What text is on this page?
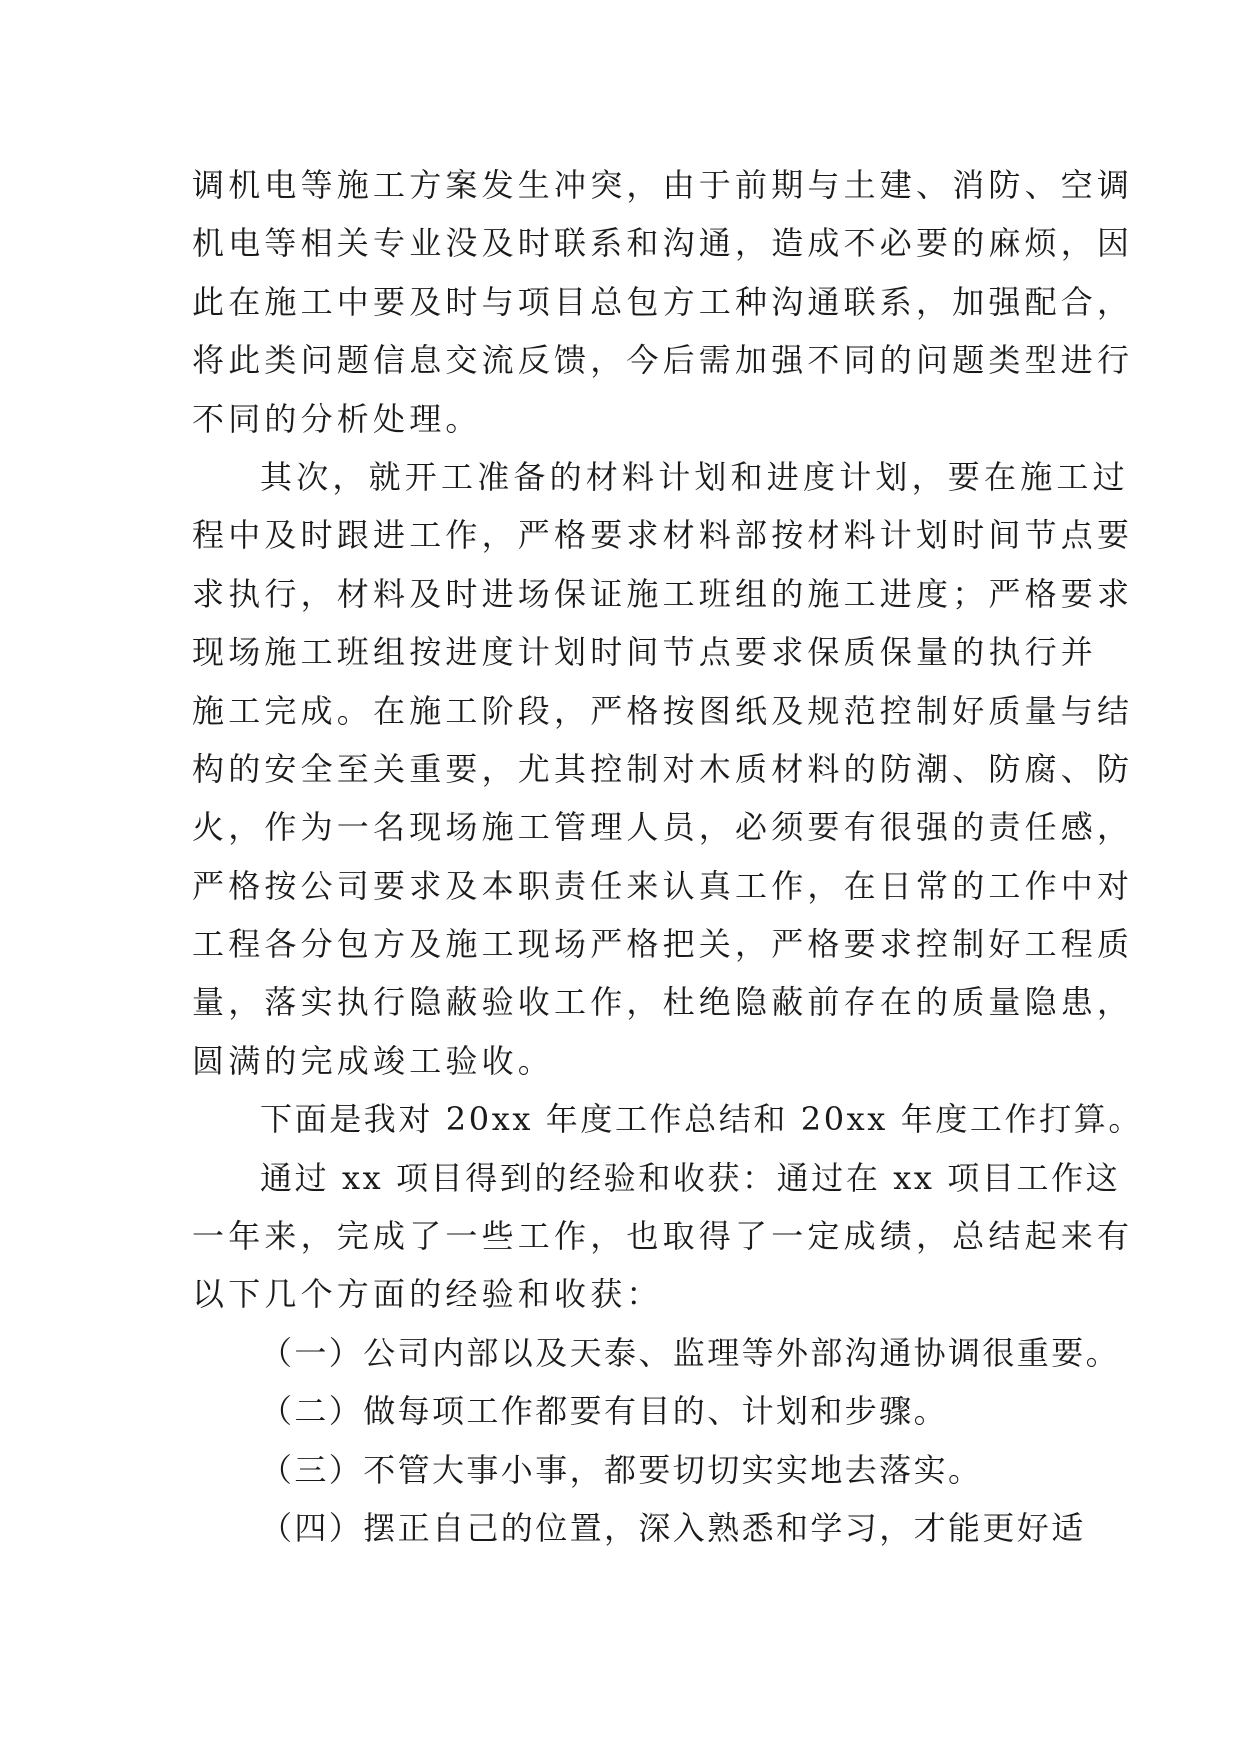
调机电等施工方案发生冲突，由于前期与土建、消防、空调
机电等相关专业没及时联系和沟通，造成不必要的麻烦，因
此在施工中要及时与项目总包方工种沟通联系，加强配合，
将此类问题信息交流反馈，今后需加强不同的问题类型进行
不同的分析处理。
其次，就开工准备的材料计划和进度计划，要在施工过
程中及时跟进工作，严格要求材料部按材料计划时间节点要
求执行，材料及时进场保证施工班组的施工进度；严格要求
现场施工班组按进度计划时间节点要求保质保量的执行并
施工完成。在施工阶段，严格按图纸及规范控制好质量与结
构的安全至关重要，尤其控制对木质材料的防潮、防腐、防
火，作为一名现场施工管理人员，必须要有很强的责任感，
严格按公司要求及本职责任来认真工作，在日常的工作中对
工程各分包方及施工现场严格把关，严格要求控制好工程质
量，落实执行隐蔽验收工作，杜绝隐蔽前存在的质量隐患，
圆满的完成竣工验收。
下面是我对 20xx 年度工作总结和 20xx 年度工作打算。
通过 xx 项目得到的经验和收获：通过在 xx 项目工作这
一年来，完成了一些工作，也取得了一定成绩，总结起来有
以下几个方面的经验和收获：
（一）公司内部以及天泰、监理等外部沟通协调很重要。
（二）做每项工作都要有目的、计划和步骤。
（三）不管大事小事，都要切切实实地去落实。
（四）摆正自己的位置，深入熟悉和学习，才能更好适
